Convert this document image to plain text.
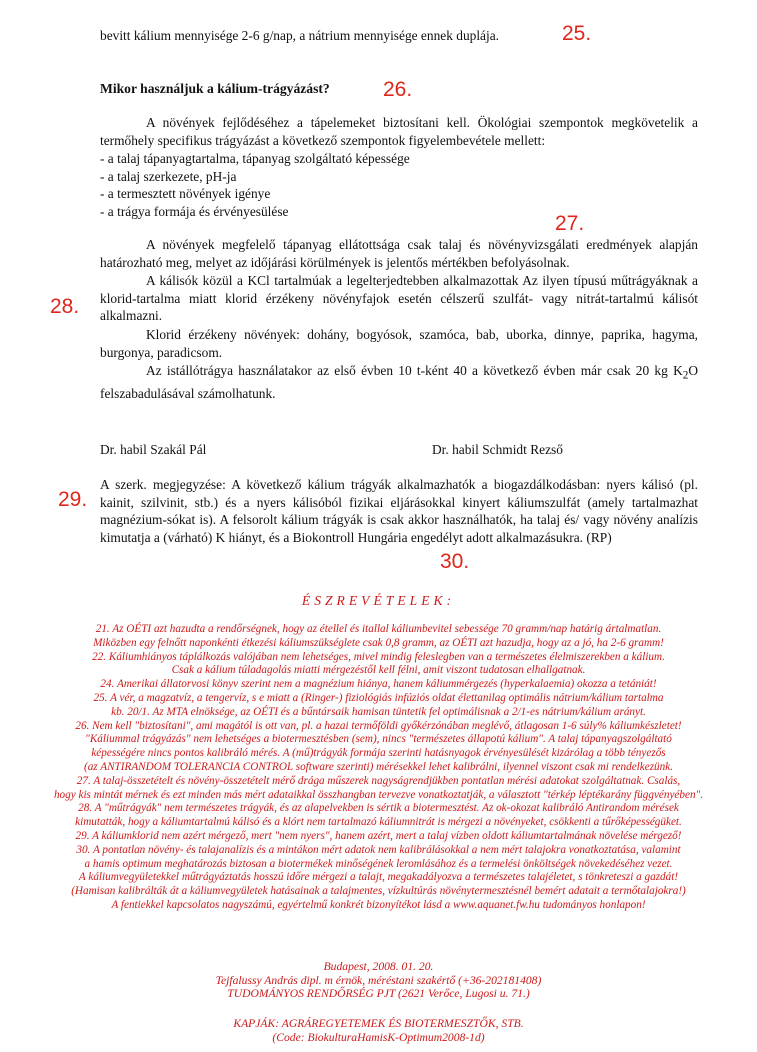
bevitt kálium mennyisége 2-6 g/nap, a nátrium mennyisége ennek duplája.	25.

Mikor használjuk a kálium-trágyázást?	26.

A növények fejlődéséhez a tápelemeket biztosítani kell. Ökológiai szempontok megkövetelik a termőhely specifikus trágyázást a következő szempontok figyelembevétele mellett:

- a talaj tápanyagtartalma, tápanyag szolgáltató képessége
- a talaj szerkezete, pH-ja
- a termesztett növények igénye
- a trágya formája és érvényesülése
27.

A növények megfelelő tápanyag ellátottsága csak talaj és növényvizsgálati eredmények alapján határozható meg, melyet az időjárási körülmények is jelentős mértékben befolyásolnak.

A kálisók közül a KCl tartalmúak a legelterjedtebben alkalmazottak Az ilyen típusú műtrágyáknak a klorid-tartalma miatt klorid érzékeny növényfajok esetén célszerű szulfát- vagy nitrát-tartalmú kálisót alkalmazni.

28.

Klorid érzékeny növények: dohány, bogyósok, szamóca, bab, uborka, dinnye, paprika, hagyma, burgonya, paradicsom.

Az istállótrágya használatakor az első évben 10 t-ként 40 a következő évben már csak 20 kg $K_2O$ felszabadulásával számolhatunk.

Dr. habil Szakál Pál	Dr. habil Schmidt Rezső

A szerk. megjegyzése: A következő kálium trágyák alkalmazhatók a biogazdálkodásban: nyers kálisó (pl. kainit, szilvinit, stb.) és a nyers kálisóból fizikai eljárásokkal kinyert káliumszulfát (amely tartalmazhat magnézium-sókat is). A felsorolt kálium trágyák is csak akkor használhatók, ha talaj és/ vagy növény analízis kimutatja a (várható) K hiányt, és a Biokontroll Hungária engedélyt adott alkalmazásukra. (RP)

29.
30.
ÉSZREVÉTELEK:
21. Az OÉTI azt hazudta a rendőrségnek, hogy az étellel és itallal káliumbevitel sebessége 70 gramm/nap határig ártalmatlan.
Miközben egy felnőtt naponkénti étkezési káliumszükséglete csak 0,8 gramm, az OÉTI azt hazudja, hogy az a jó, ha 2-6 gramm!
22. Káliumhiányos táplálkozás valójában nem lehetséges, mivel mindig feleslegben van a természetes élelmiszerekben a kálium.
Csak a kálium túladagolás miatti mérgezéstől kell félni, amit viszont tudatosan elhallgatnak.
24. Amerikai állatorvosi könyv szerint nem a magnézium hiánya, hanem káliummérgezés (hyperkalaemia) okozza a tetániát!
25. A vér, a magzatvíz, a tengervíz, s e miatt a (Ringer-) fiziológiás infúziós oldat élettanilag optimális nátrium/kálium tartalma
kb. 20/1. Az MTA elnöksége, az OÉTI és a bűntársaik hamisan tüntetik fel optimálisnak a 2/1-es nátrium/kálium arányt.
26. Nem kell "biztosítani", ami magától is ott van, pl. a hazai termőföldi győkérzónában meglévő, átlagosan 1-6 súly% káliumkészletet!
"Káliummal trágyázás" nem lehetséges a biotermesztésben (sem), nincs "természetes állapotú kálium". A talaj tápanyagszolgáltató
képességére nincs pontos kalibráló mérés. A (mű)trágyák formája szerinti hatásnyagok érvényesülését kizárólag a több tényezős
(az ANTIRANDOM TOLERANCIA CONTROL software szerinti) mérésekkel lehet kalibrálni, ilyennel viszont csak mi rendelkezünk.
27. A talaj-összetételt és növény-összetételt mérő drága műszerek nagyságrendjükben pontatlan mérési adatokat szolgáltatnak. Csalás,
hogy kis mintát mérnek és ezt minden más mért adataikkal összhangban tervezve vonatkoztatják, a választott "térkép léptékarány függvényében".
28. A "műtrágyák" nem természetes trágyák, és az alapelvekben is sértik a biotermesztést. Az ok-okozat kalibráló Antirandom mérések
kimutatták, hogy a káliumtartalmú kálisó és a klórt nem tartalmazó káliumnitrát is mérgezi a növényeket, csökkenti a tűrőképességüket.
29. A káliumklorid nem azért mérgező, mert "nem nyers", hanem azért, mert a talaj vízben oldott káliumtartalmának növelése mérgező!
30. A pontatlan növény- és talajanalízis és a mintákon mért adatok nem kalibrálásokkal a nem mért talajokra vonatkoztatása, valamint
a hamis optimum meghatározás biztosan a biotermékek minőségének leromlásához és a termelési önköltségek növekedéséhez vezet.
A káliumvegyületekkel műtrágyáztatás hosszú időre mérgezi a talajt, megakadályozva a természetes talajéletet, s tönkreteszi a gazdát!
(Hamisan kalibrálták át a káliumvegyületek hatásainak a talajmentes, vízkultúrás növénytermesztésnél bemért adatait a termőtalajokra!)
A fentiekkel kapcsolatos nagyszámú, egyértelmű konkrét bizonyítékot lásd a www.aquanet.fw.hu tudományos honlapon!
Budapest, 2008. 01. 20.
Tejfalussy András dipl. m érnök, méréstani szakértő (+36-202181408)
TUDOMÁNYOS RENDŐRSÉG PJT (2621 Verőce, Lugosi u. 71.)
KAPJÁK: AGRÁREGYETEMEK ÉS BIOTERMESZTŐK, STB.
(Code: BiokulturaHamisK-Optimum2008-1d)
